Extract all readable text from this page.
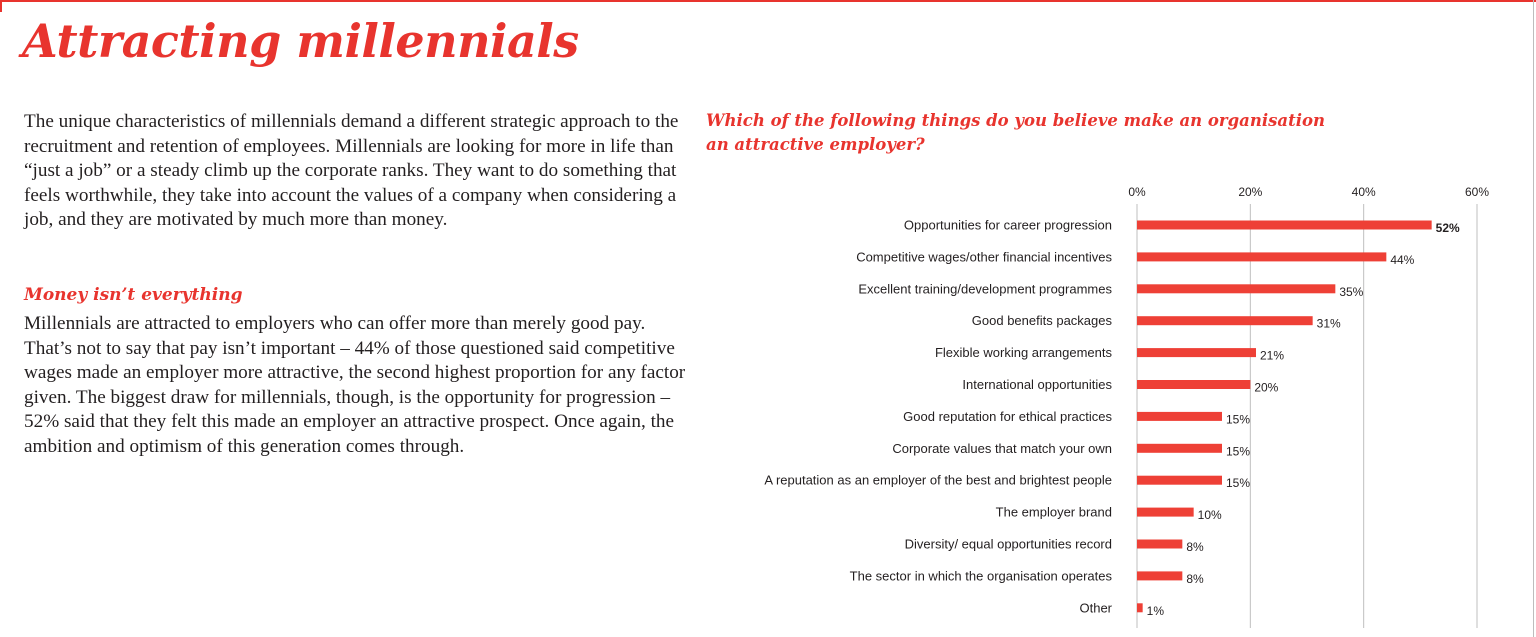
Attracting millennials

The unique characteristics of millennials demand a different strategic approach to the recruitment and retention of employees. Millennials are looking for more in life than “just a job” or a steady climb up the corporate ranks. They want to do something that feels worthwhile, they take into account the values of a company when considering a job, and they are motivated by much more than money.

Money isn’t everything

Millennials are attracted to employers who can offer more than merely good pay. That’s not to say that pay isn’t important – 44% of those questioned said competitive wages made an employer more attractive, the second highest proportion for any factor given. The biggest draw for millennials, though, is the opportunity for progression – 52% said that they felt this made an employer an attractive prospect. Once again, the ambition and optimism of this generation comes through.

Which of the following things do you believe make an organisation an attractive employer?

0%	20%	40%	60%
Opportunities for career progression	52%
Competitive wages/other financial incentives	44%
Excellent training/development programmes	35%
Good benefits packages	31%
Flexible working arrangements	21%
International opportunities	20%
Good reputation for ethical practices	15%
Corporate values that match your own	15%
A reputation as an employer of the best and brightest people	15%
The employer brand	10%
Diversity/ equal opportunities record	8%
The sector in which the organisation operates	8%
Other	1%
